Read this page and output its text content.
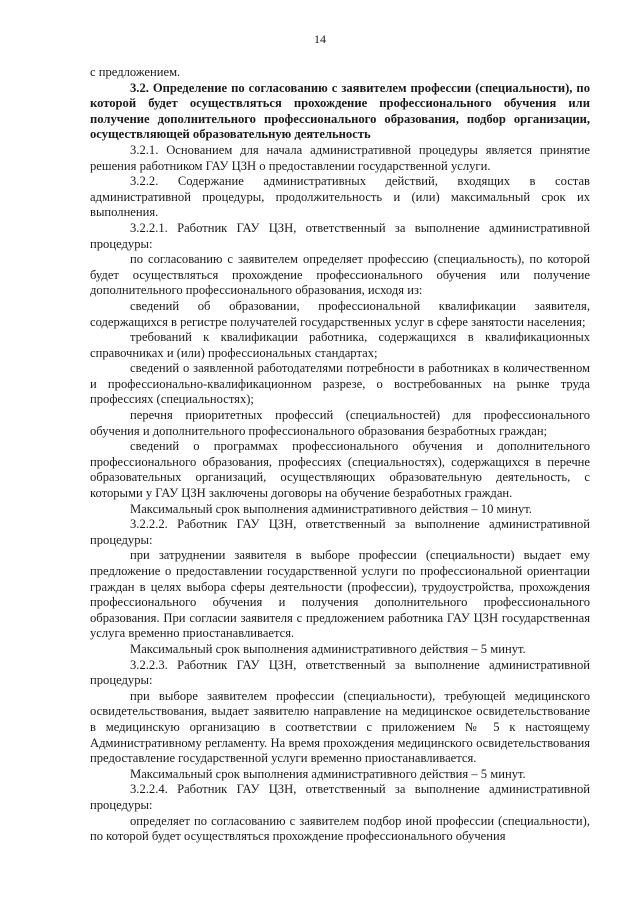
14

с предложением.

3.2. Определение по согласованию с заявителем профессии (специальности), по которой будет осуществляться прохождение профессионального обучения или получение дополнительного профессионального образования, подбор организации, осуществляющей образовательную деятельность

3.2.1. Основанием для начала административной процедуры является принятие решения работником ГАУ ЦЗН о предоставлении государственной услуги.

3.2.2. Содержание административных действий, входящих в состав административной процедуры, продолжительность и (или) максимальный срок их выполнения.

3.2.2.1. Работник ГАУ ЦЗН, ответственный за выполнение административной процедуры:

по согласованию с заявителем определяет профессию (специальность), по которой будет осуществляться прохождение профессионального обучения или получение дополнительного профессионального образования, исходя из:

сведений об образовании, профессиональной квалификации заявителя, содержащихся в регистре получателей государственных услуг в сфере занятости населения;

требований к квалификации работника, содержащихся в квалификационных справочниках и (или) профессиональных стандартах;

сведений о заявленной работодателями потребности в работниках в количественном и профессионально-квалификационном разрезе, о востребованных на рынке труда профессиях (специальностях);

перечня приоритетных профессий (специальностей) для профессионального обучения и дополнительного профессионального образования безработных граждан;

сведений о программах профессионального обучения и дополнительного профессионального образования, профессиях (специальностях), содержащихся в перечне образовательных организаций, осуществляющих образовательную деятельность, с которыми у ГАУ ЦЗН заключены договоры на обучение безработных граждан.

Максимальный срок выполнения административного действия – 10 минут.

3.2.2.2. Работник ГАУ ЦЗН, ответственный за выполнение административной процедуры:

при затруднении заявителя в выборе профессии (специальности) выдает ему предложение о предоставлении государственной услуги по профессиональной ориентации граждан в целях выбора сферы деятельности (профессии), трудоустройства, прохождения профессионального обучения и получения дополнительного профессионального образования. При согласии заявителя с предложением работника ГАУ ЦЗН государственная услуга временно приостанавливается.

Максимальный срок выполнения административного действия – 5 минут.

3.2.2.3. Работник ГАУ ЦЗН, ответственный за выполнение административной процедуры:

при выборе заявителем профессии (специальности), требующей медицинского освидетельствования, выдает заявителю направление на медицинское освидетельствование в медицинскую организацию в соответствии с приложением № 5 к настоящему Административному регламенту. На время прохождения медицинского освидетельствования предоставление государственной услуги временно приостанавливается.

Максимальный срок выполнения административного действия – 5 минут.

3.2.2.4. Работник ГАУ ЦЗН, ответственный за выполнение административной процедуры:

определяет по согласованию с заявителем подбор иной профессии (специальности), по которой будет осуществляться прохождение профессионального обучения
